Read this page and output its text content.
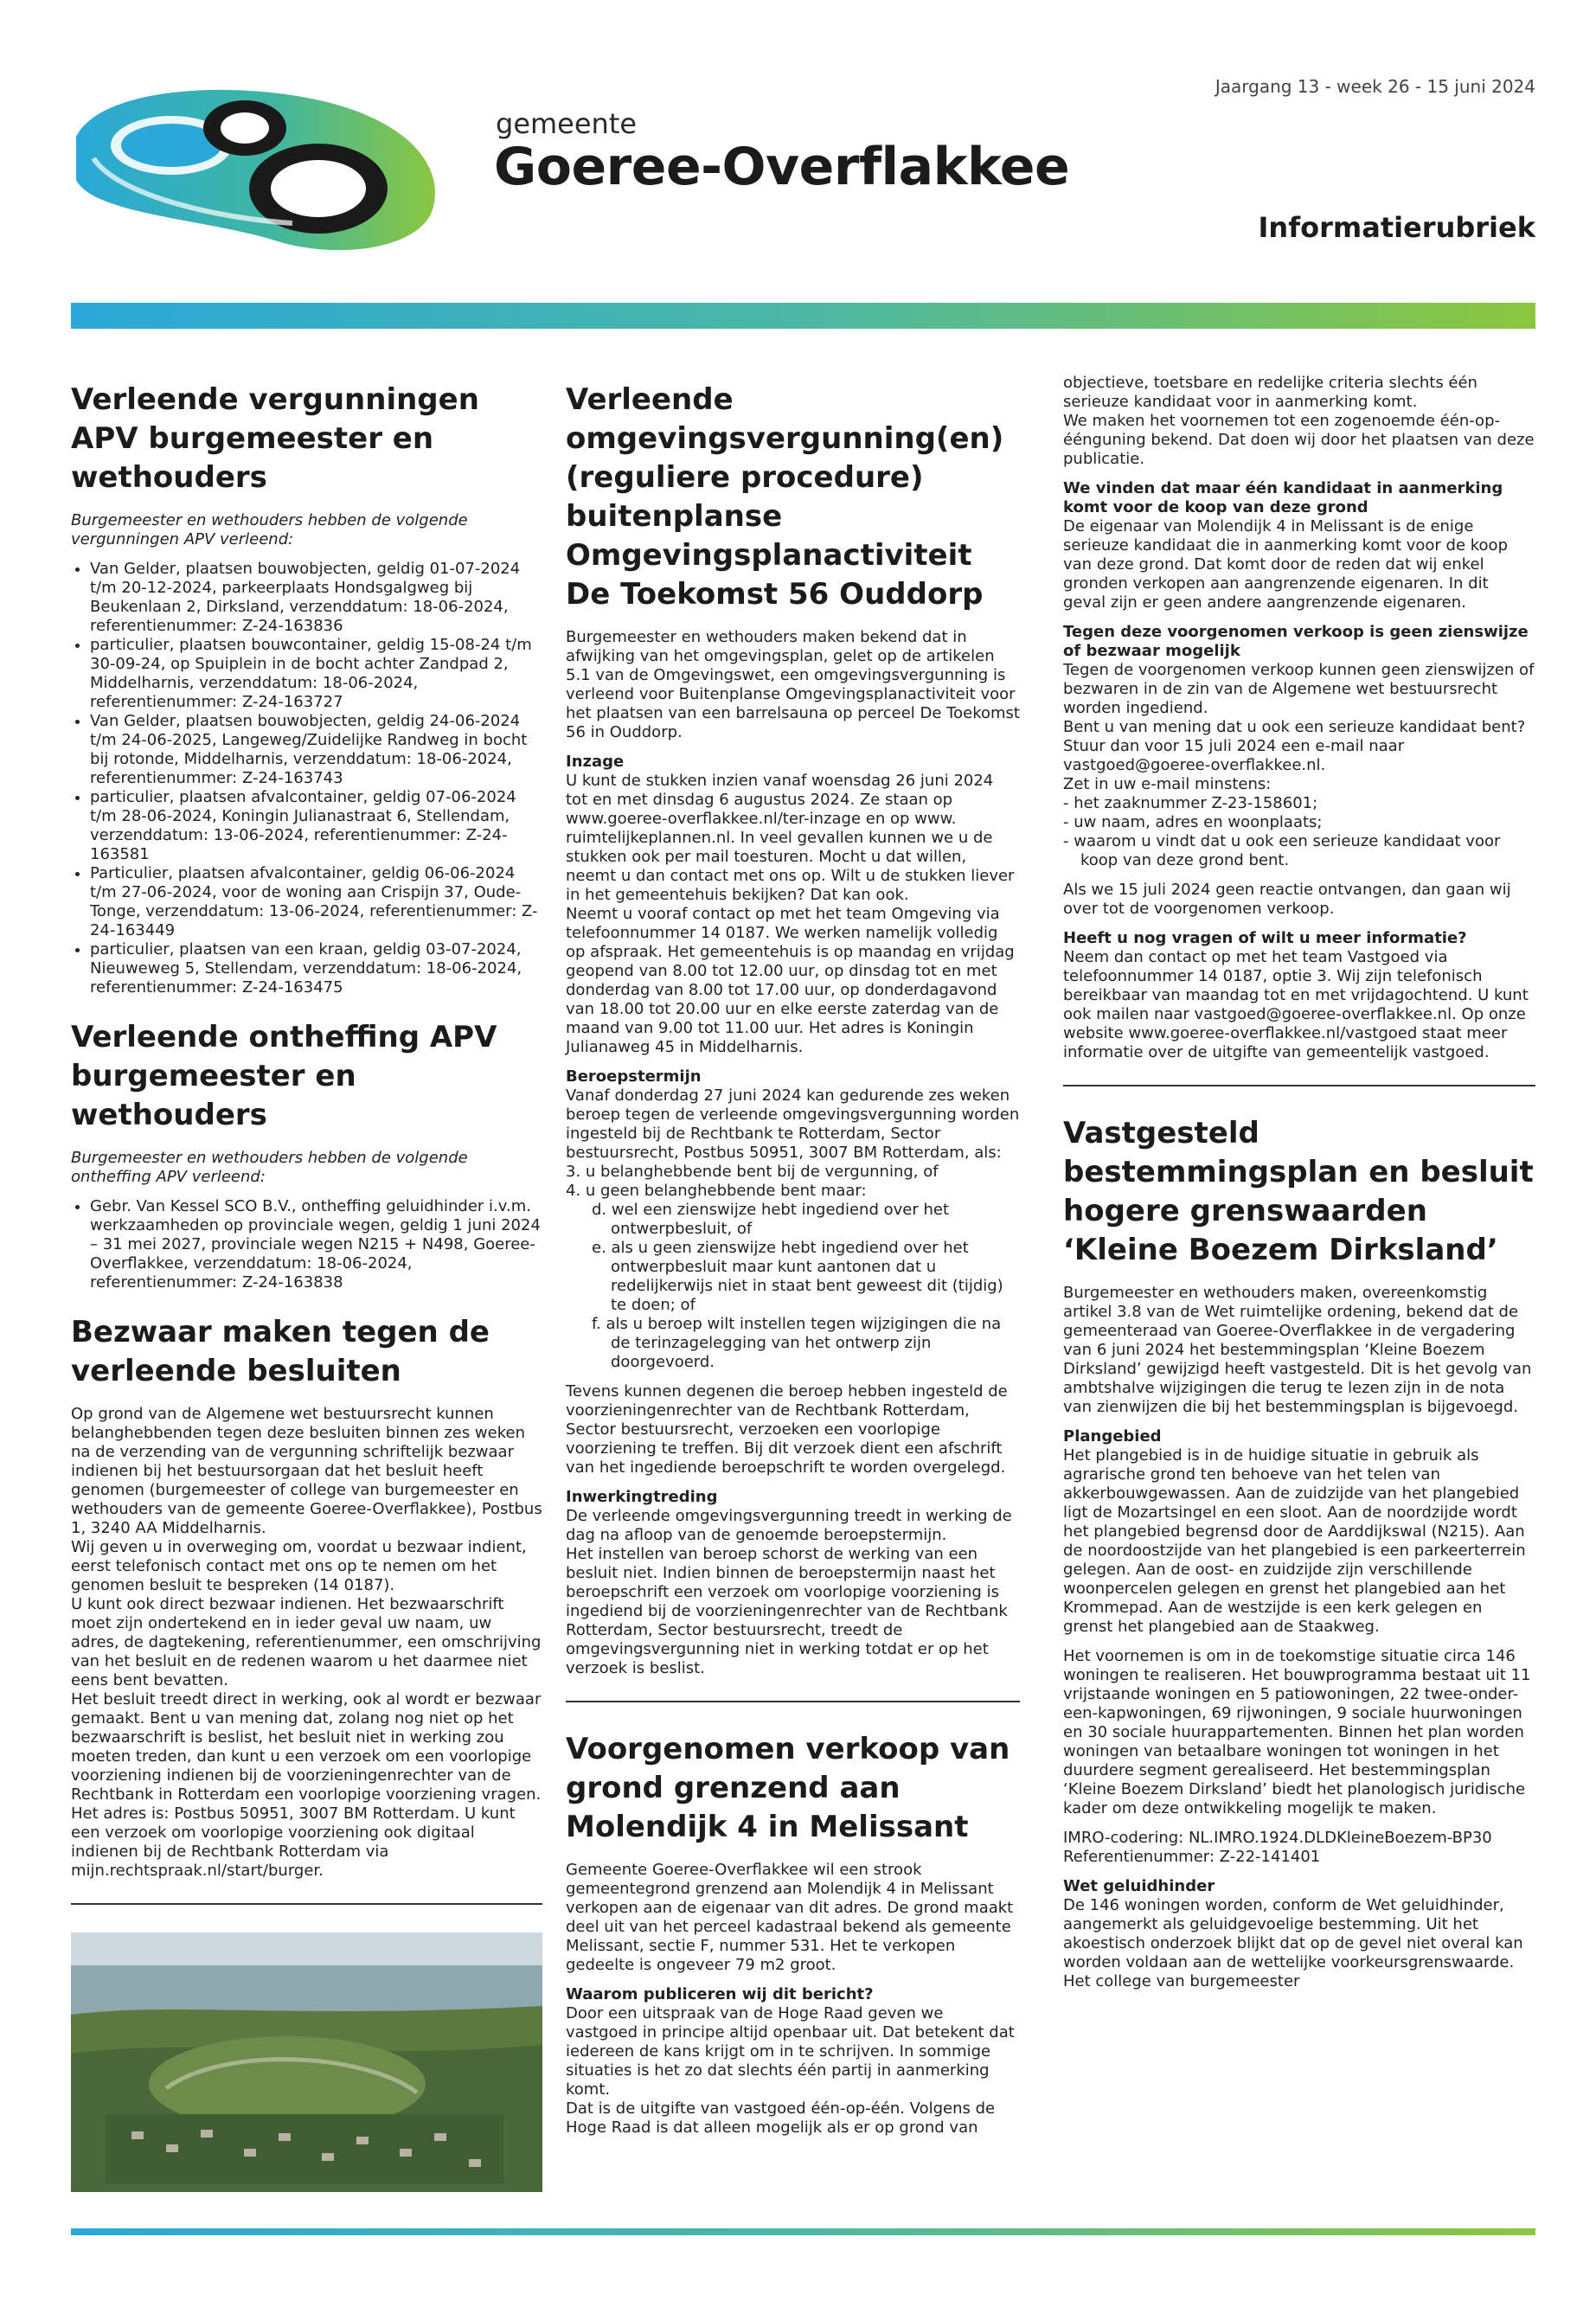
gemeente
Goeree-Overflakkee
Jaargang 13 - week 26 - 15 juni 2024
Informatierubriek
Verleende vergunningen APV burgemeester en wethouders

Burgemeester en wethouders hebben de volgende vergunningen APV verleend:

• Van Gelder, plaatsen bouwobjecten, geldig 01-07-2024 t/m 20-12-2024, parkeerplaats Hondsgalgweg bij Beukenlaan 2, Dirksland, verzenddatum: 18-06-2024, referentienummer: Z-24-163836
• particulier, plaatsen bouwcontainer, geldig 15-08-24 t/m 30-09-24, op Spuiplein in de bocht achter Zandpad 2, Middelharnis, verzenddatum: 18-06-2024, referentienummer: Z-24-163727
• Van Gelder, plaatsen bouwobjecten, geldig 24-06-2024 t/m 24-06-2025, Langeweg/Zuidelijke Randweg in bocht bij rotonde, Middelharnis, verzenddatum: 18-06-2024, referentienummer: Z-24-163743
• particulier, plaatsen afvalcontainer, geldig 07-06-2024 t/m 28-06-2024, Koningin Julianastraat 6, Stellendam, verzenddatum: 13-06-2024, referentienummer: Z-24-163581
• Particulier, plaatsen afvalcontainer, geldig 06-06-2024 t/m 27-06-2024, voor de woning aan Crispijn 37, Oude-Tonge, verzenddatum: 13-06-2024, referentienummer: Z-24-163449
• particulier, plaatsen van een kraan, geldig 03-07-2024, Nieuweweg 5, Stellendam, verzenddatum: 18-06-2024, referentienummer: Z-24-163475
Verleende ontheffing APV burgemeester en wethouders

Burgemeester en wethouders hebben de volgende ontheffing APV verleend:

• Gebr. Van Kessel SCO B.V., ontheffing geluidhinder i.v.m. werkzaamheden op provinciale wegen, geldig 1 juni 2024 – 31 mei 2027, provinciale wegen N215 + N498, Goeree-Overflakkee, verzenddatum: 18-06-2024, referentienummer: Z-24-163838
Bezwaar maken tegen de verleende besluiten
Op grond van de Algemene wet bestuursrecht kunnen belanghebbenden tegen deze besluiten binnen zes weken na de verzending van de vergunning schriftelijk bezwaar indienen bij het bestuursorgaan dat het besluit heeft genomen (burgemeester of college van burgemeester en wethouders van de gemeente Goeree-Overflakkee), Postbus 1, 3240 AA Middelharnis.
Wij geven u in overweging om, voordat u bezwaar indient, eerst telefonisch contact met ons op te nemen om het genomen besluit te bespreken (14 0187).
U kunt ook direct bezwaar indienen. Het bezwaarschrift moet zijn ondertekend en in ieder geval uw naam, uw adres, de dagtekening, referentienummer, een omschrijving van het besluit en de redenen waarom u het daarmee niet eens bent bevatten.
Het besluit treedt direct in werking, ook al wordt er bezwaar gemaakt. Bent u van mening dat, zolang nog niet op het bezwaarschrift is beslist, het besluit niet in werking zou moeten treden, dan kunt u een verzoek om een voorlopige voorziening indienen bij de voorzieningenrechter van de Rechtbank in Rotterdam een voorlopige voorziening vragen. Het adres is: Postbus 50951, 3007 BM Rotterdam. U kunt een verzoek om voorlopige voorziening ook digitaal indienen bij de Rechtbank Rotterdam via mijn.rechtspraak.nl/start/burger.
Verleende omgevingsvergunning(en) (reguliere procedure) buitenplanse Omgevingsplanactiviteit De Toekomst 56 Ouddorp

Burgemeester en wethouders maken bekend dat in afwijking van het omgevingsplan, gelet op de artikelen 5.1 van de Omgevingswet, een omgevingsvergunning is verleend voor Buitenplanse Omgevingsplanactiviteit voor het plaatsen van een barrelsauna op perceel De Toekomst 56 in Ouddorp.

Inzage

U kunt de stukken inzien vanaf woensdag 26 juni 2024 tot en met dinsdag 6 augustus 2024. Ze staan op www.goeree-overflakkee.nl/ter-inzage en op www. ruimtelijkeplannen.nl. In veel gevallen kunnen we u de stukken ook per mail toesturen. Mocht u dat willen, neemt u dan contact met ons op. Wilt u de stukken liever in het gemeentehuis bekijken? Dat kan ook.

Neemt u vooraf contact op met het team Omgeving via telefoonnummer 14 0187. We werken namelijk volledig op afspraak. Het gemeentehuis is op maandag en vrijdag geopend van 8.00 tot 12.00 uur, op dinsdag tot en met donderdag van 8.00 tot 17.00 uur, op donderdagavond van 18.00 tot 20.00 uur en elke eerste zaterdag van de maand van 9.00 tot 11.00 uur. Het adres is Koningin Julianaweg 45 in Middelharnis.

Beroepstermijn

Vanaf donderdag 27 juni 2024 kan gedurende zes weken beroep tegen de verleende omgevingsvergunning worden ingesteld bij de Rechtbank te Rotterdam, Sector bestuursrecht, Postbus 50951, 3007 BM Rotterdam, als:
3. u belanghebbende bent bij de vergunning, of
4. u geen belanghebbende bent maar:
d. wel een zienswijze hebt ingediend over het ontwerpbesluit, of
e. als u geen zienswijze hebt ingediend over het ontwerpbesluit maar kunt aantonen dat u redelijkerwijs niet in staat bent geweest dit (tijdig) te doen; of

f. als u beroep wilt instellen tegen wijzigingen die na de terinzagelegging van het ontwerp zijn doorgevoerd.

Tevens kunnen degenen die beroep hebben ingesteld de voorzieningenrechter van de Rechtbank Rotterdam, Sector bestuursrecht, verzoeken een voorlopige voorziening te treffen. Bij dit verzoek dient een afschrift van het ingediende beroepschrift te worden overgelegd.

Inwerkingtreding

De verleende omgevingsvergunning treedt in werking de dag na afloop van de genoemde beroepstermijn.
Het instellen van beroep schorst de werking van een besluit niet. Indien binnen de beroepstermijn naast het beroepschrift een verzoek om voorlopige voorziening is ingediend bij de voorzieningenrechter van de Rechtbank Rotterdam, Sector bestuursrecht, treedt de omgevingsvergunning niet in werking totdat er op het verzoek is beslist.
Voorgenomen verkoop van grond grenzend aan Molendijk 4 in Melissant

Gemeente Goeree-Overflakkee wil een strook gemeentegrond grenzend aan Molendijk 4 in Melissant verkopen aan de eigenaar van dit adres. De grond maakt deel uit van het perceel kadastraal bekend als gemeente Melissant, sectie F, nummer 531. Het te verkopen gedeelte is ongeveer 79 m2 groot.

Waarom publiceren wij dit bericht?

Door een uitspraak van de Hoge Raad geven we vastgoed in principe altijd openbaar uit. Dat betekent dat iedereen de kans krijgt om in te schrijven. In sommige situaties is het zo dat slechts één partij in aanmerking komt.
Dat is de uitgifte van vastgoed één-op-één. Volgens de Hoge Raad is dat alleen mogelijk als er op grond van
objectieve, toetsbare en redelijke criteria slechts één serieuze kandidaat voor in aanmerking komt.

We maken het voornemen tot een zogenoemde één-op-éénguning bekend. Dat doen wij door het plaatsen van deze publicatie.

We vinden dat maar één kandidaat in aanmerking komt voor de koop van deze grond

De eigenaar van Molendijk 4 in Melissant is de enige serieuze kandidaat die in aanmerking komt voor de koop van deze grond. Dat komt door de reden dat wij enkel gronden verkopen aan aangrenzende eigenaren. In dit geval zijn er geen andere aangrenzende eigenaren.

Tegen deze voorgenomen verkoop is geen zienswijze of bezwaar mogelijk

Tegen de voorgenomen verkoop kunnen geen zienswijzen of bezwaren in de zin van de Algemene wet bestuursrecht worden ingediend.
Bent u van mening dat u ook een serieuze kandidaat bent? Stuur dan voor 15 juli 2024 een e-mail naar vastgoed@goeree-overflakkee.nl.
Zet in uw e-mail minstens:
- het zaaknummer Z-23-158601;
- uw naam, adres en woonplaats;
- waarom u vindt dat u ook een serieuze kandidaat voor koop van deze grond bent.

Als we 15 juli 2024 geen reactie ontvangen, dan gaan wij over tot de voorgenomen verkoop.

Heeft u nog vragen of wilt u meer informatie?

Neem dan contact op met het team Vastgoed via telefoonnummer 14 0187, optie 3. Wij zijn telefonisch bereikbaar van maandag tot en met vrijdagochtend. U kunt ook mailen naar vastgoed@goeree-overflakkee.nl. Op onze website www.goeree-overflakkee.nl/vastgoed staat meer informatie over de uitgifte van gemeentelijk vastgoed.

Vastgesteld bestemmingsplan en besluit hogere grenswaarden ‘Kleine Boezem Dirksland’

Burgemeester en wethouders maken, overeenkomstig artikel 3.8 van de Wet ruimtelijke ordening, bekend dat de gemeenteraad van Goeree-Overflakkee in de vergadering van 6 juni 2024 het bestemmingsplan ‘Kleine Boezem Dirksland’ gewijzigd heeft vastgesteld. Dit is het gevolg van ambtshalve wijzigingen die terug te lezen zijn in de nota van zienwijzen die bij het bestemmingsplan is bijgevoegd.

Plangebied

Het plangebied is in de huidige situatie in gebruik als agrarische grond ten behoeve van het telen van akkerbouwgewassen. Aan de zuidzijde van het plangebied ligt de Mozartsingel en een sloot. Aan de noordzijde wordt het plangebied begrensd door de Aarddijkswal (N215). Aan de noordoostzijde van het plangebied is een parkeerterrein gelegen. Aan de oost- en zuidzijde zijn verschillende woonpercelen gelegen en grenst het plangebied aan het Krommepad. Aan de westzijde is een kerk gelegen en grenst het plangebied aan de Staakweg.

Het voornemen is om in de toekomstige situatie circa 146 woningen te realiseren. Het bouwprogramma bestaat uit 11 vrijstaande woningen en 5 patiowoningen, 22 twee-onder-een-kapwoningen, 69 rijwoningen, 9 sociale huurwoningen en 30 sociale huurappartementen. Binnen het plan worden woningen van betaalbare woningen tot woningen in het duurdere segment gerealiseerd. Het bestemmingsplan ‘Kleine Boezem Dirksland’ biedt het planologisch juridische kader om deze ontwikkeling mogelijk te maken.

IMRO-codering: NL.IMRO.1924.DLDKleineBoezem-BP30

Referentienummer: Z-22-141401

Wet geluidhinder

De 146 woningen worden, conform de Wet geluidhinder, aangemerkt als geluidgevoelige bestemming. Uit het akoestisch onderzoek blijkt dat op de gevel niet overal kan worden voldaan aan de wettelijke voorkeursgrenswaarde. Het college van burgemeester
